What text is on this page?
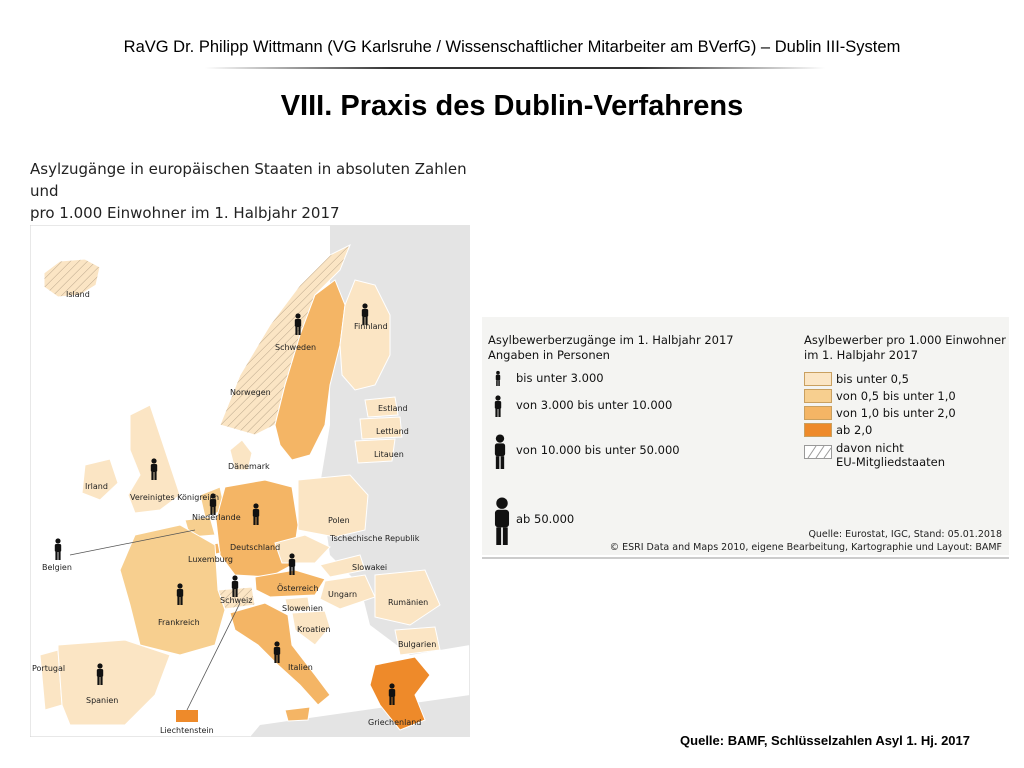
RaVG Dr. Philipp Wittmann (VG Karlsruhe / Wissenschaftlicher Mitarbeiter am BVerfG) – Dublin III-System
VIII. Praxis des Dublin-Verfahrens
Asylzugänge in europäischen Staaten in absoluten Zahlen und
pro 1.000 Einwohner im 1. Halbjahr 2017
Island
Finnland
Schweden
Norwegen
Estland
Lettland
Litauen
Dänemark
Irland
Vereinigtes Königreich
Niederlande
Belgien
Deutschland
Polen
Tschechische Republik
Slowakei
Luxemburg
Österreich
Ungarn
Rumänien
Frankreich
Schweiz
Slowenien
Kroatien
Bulgarien
Italien
Portugal
Spanien
Liechtenstein
Griechenland
Asylbewerberzugänge im 1. Halbjahr 2017
Angaben in Personen
bis unter 3.000
von 3.000 bis unter 10.000
von 10.000 bis unter 50.000
ab 50.000
Asylbewerber pro 1.000 Einwohner
im 1. Halbjahr 2017
bis unter 0,5
von 0,5 bis unter 1,0
von 1,0 bis unter 2,0
ab 2,0
davon nicht
EU-Mitgliedstaaten
Quelle: Eurostat, IGC, Stand: 05.01.2018
© ESRI Data and Maps 2010, eigene Bearbeitung, Kartographie und Layout: BAMF
Quelle: BAMF, Schlüsselzahlen Asyl 1. Hj. 2017
